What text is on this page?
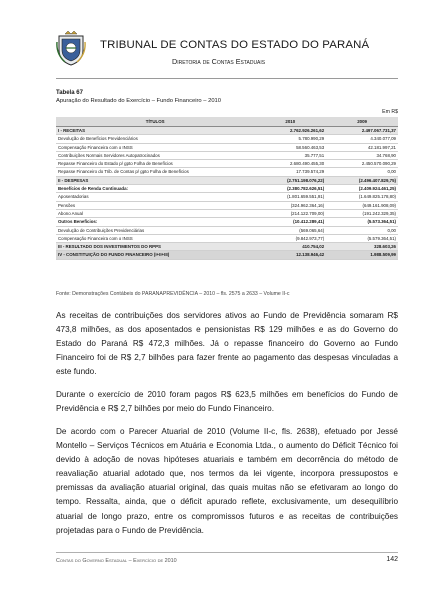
TRIBUNAL DE CONTAS DO ESTADO DO PARANÁ
Diretoria de Contas Estaduais
Tabela 67
Apuração do Resultado do Exercício – Fundo Financeiro – 2010
Em R$
TÍTULOS	2010	2009
I - RECEITAS	2.762.926.261,62	2.497.067.731,37
Devolução de Benefícios Previdenciários	5.780.990,29	4.340.077,09
Compensação Financeira com o INSS	58.560.463,53	42.181.997,21
Contribuições Normais Servidores Autopatrocinados	35.777,51	34.768,90
Repasse Financeiro do Estado p/ gpto Folha de Benefícios	2.680.490.455,30	2.450.570.090,29
Repasse Financeiro do Trib. de Contas p/ gpto Folha de Benefícios	17.739.574,29	0,00
II - DESPESAS	(2.751.198.076,22)	(2.496.407.829,75)
Benefícios de Renda Continuada:	(2.380.782.626,51)	(2.409.924.461,25)
Aposentadorias	(1.801.659.551,91)	(1.649.825.178,80)
Pensões	(324.962.364,16)	(649.161.908,09)
Abono Anual	(214.122.709,00)	(191.242.329,35)
Outros Benefícios:	(10.412.289,41)	(5.573.364,51)
Devolução de Contribuições Previdenciárias	(569.065,64)	0,00
Compensação Financeira com o INSS	(9.842.973,77)	(5.579.364,51)
III - RESULTADO DOS INVESTIMENTOS DO RPPS	410.754,02	328.603,26
IV - CONSTITUIÇÃO DO FUNDO FINANCEIRO (I+II+III)	12.138.946,42	1.988.509,99
Fonte: Demonstrações Contábeis do PARANAPREVIDÊNCIA – 2010 – fls. 2575 a 2633 – Volume II-c

As receitas de contribuições dos servidores ativos ao Fundo de Previdência somaram R$ 473,8 milhões, as dos aposentados e pensionistas R$ 129 milhões e as do Governo do Estado do Paraná R$ 472,3 milhões. Já o repasse financeiro do Governo ao Fundo Financeiro foi de R$ 2,7 bilhões para fazer frente ao pagamento das despesas vinculadas a este fundo.

Durante o exercício de 2010 foram pagos R$ 623,5 milhões em benefícios do Fundo de Previdência e R$ 2,7 bilhões por meio do Fundo Financeiro.

De acordo com o Parecer Atuarial de 2010 (Volume II-c, fls. 2638), efetuado por Jessé Montello – Serviços Técnicos em Atuária e Economia Ltda., o aumento do Déficit Técnico foi devido à adoção de novas hipóteses atuariais e também em decorrência do método de reavaliação atuarial adotado que, nos termos da lei vigente, incorpora pressupostos e premissas da avaliação atuarial original, das quais muitas não se efetivaram ao longo do tempo. Ressalta, ainda, que o déficit apurado reflete, exclusivamente, um desequilíbrio atuarial de longo prazo, entre os compromissos futuros e as receitas de contribuições projetadas para o Fundo de Previdência.

Contas do Governo Estadual – Exercício de 2010	142
